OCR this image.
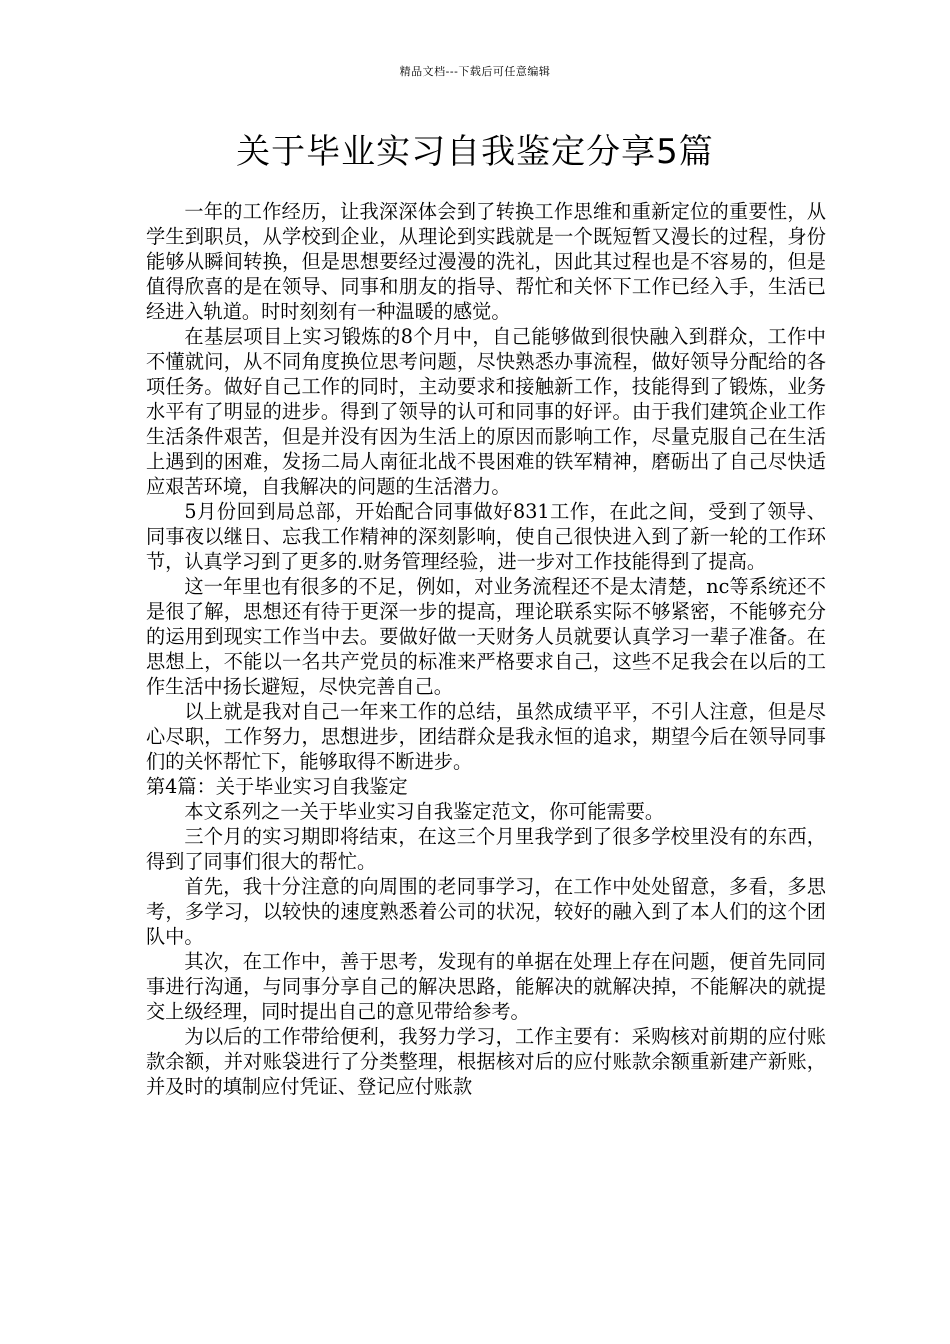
精品文档---下载后可任意编辑
关于毕业实习自我鉴定分享5篇

一年的工作经历，让我深深体会到了转换工作思维和重新定位的重要性，从学生到职员，从学校到企业，从理论到实践就是一个既短暂又漫长的过程，身份能够从瞬间转换，但是思想要经过漫漫的洗礼，因此其过程也是不容易的，但是值得欣喜的是在领导、同事和朋友的指导、帮忙和关怀下工作已经入手，生活已经进入轨道。时时刻刻有一种温暖的感觉。

在基层项目上实习锻炼的8个月中，自己能够做到很快融入到群众，工作中不懂就问，从不同角度换位思考问题，尽快熟悉办事流程，做好领导分配给的各项任务。做好自己工作的同时，主动要求和接触新工作，技能得到了锻炼，业务水平有了明显的进步。得到了领导的认可和同事的好评。由于我们建筑企业工作生活条件艰苦，但是并没有因为生活上的原因而影响工作，尽量克服自己在生活上遇到的困难，发扬二局人南征北战不畏困难的铁军精神，磨砺出了自己尽快适应艰苦环境，自我解决的问题的生活潜力。

5月份回到局总部，开始配合同事做好831工作，在此之间，受到了领导、同事夜以继日、忘我工作精神的深刻影响，使自己很快进入到了新一轮的工作环节，认真学习到了更多的.财务管理经验，进一步对工作技能得到了提高。

这一年里也有很多的不足，例如，对业务流程还不是太清楚，nc等系统还不是很了解，思想还有待于更深一步的提高，理论联系实际不够紧密，不能够充分的运用到现实工作当中去。要做好做一天财务人员就要认真学习一辈子准备。在思想上，不能以一名共产党员的标准来严格要求自己，这些不足我会在以后的工作生活中扬长避短，尽快完善自己。

以上就是我对自己一年来工作的总结，虽然成绩平平，不引人注意，但是尽心尽职，工作努力，思想进步，团结群众是我永恒的追求，期望今后在领导同事们的关怀帮忙下，能够取得不断进步。

第4篇：关于毕业实习自我鉴定

本文系列之一关于毕业实习自我鉴定范文，你可能需要。

三个月的实习期即将结束，在这三个月里我学到了很多学校里没有的东西，得到了同事们很大的帮忙。

首先，我十分注意的向周围的老同事学习，在工作中处处留意，多看，多思考，多学习，以较快的速度熟悉着公司的状况，较好的融入到了本人们的这个团队中。

其次，在工作中，善于思考，发现有的单据在处理上存在问题，便首先同同事进行沟通，与同事分享自己的解决思路，能解决的就解决掉，不能解决的就提交上级经理，同时提出自己的意见带给参考。

为以后的工作带给便利，我努力学习，工作主要有：采购核对前期的应付账款余额，并对账袋进行了分类整理，根据核对后的应付账款余额重新建产新账，并及时的填制应付凭证、登记应付账款
